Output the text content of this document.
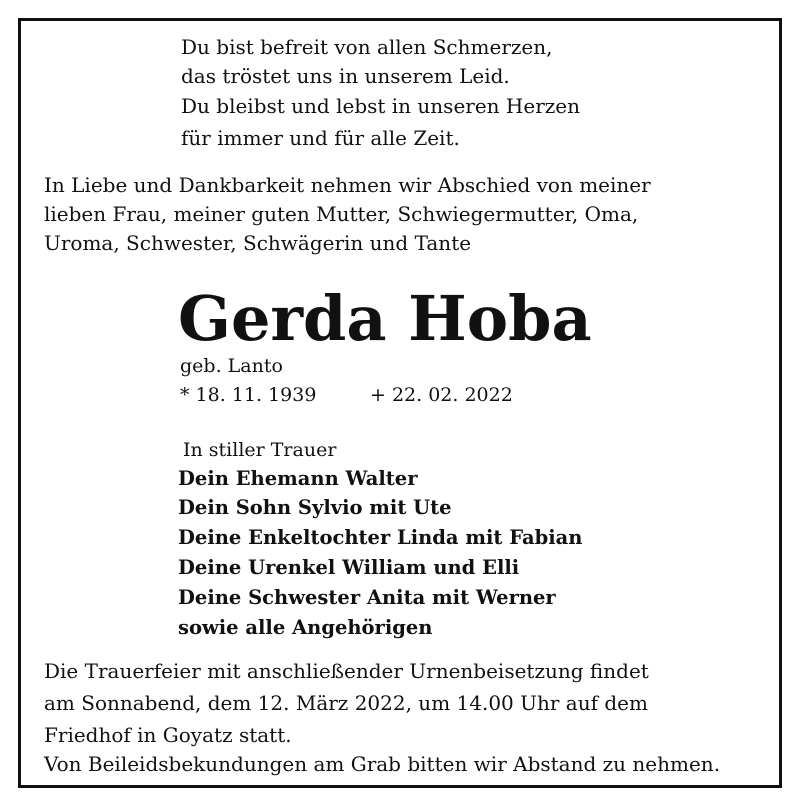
Du bist befreit von allen Schmerzen,
das tröstet uns in unserem Leid.
Du bleibst und lebst in unseren Herzen
für immer und für alle Zeit.
In Liebe und Dankbarkeit nehmen wir Abschied von meiner
lieben Frau, meiner guten Mutter, Schwiegermutter, Oma,
Uroma, Schwester, Schwägerin und Tante
Gerda Hoba
geb. Lanto
* 18. 11. 1939	+ 22. 02. 2022
In stiller Trauer
Dein Ehemann Walter
Dein Sohn Sylvio mit Ute
Deine Enkeltochter Linda mit Fabian
Deine Urenkel William und Elli
Deine Schwester Anita mit Werner
sowie alle Angehörigen
Die Trauerfeier mit anschließender Urnenbeisetzung findet
am Sonnabend, dem 12. März 2022, um 14.00 Uhr auf dem
Friedhof in Goyatz statt.
Von Beileidsbekundungen am Grab bitten wir Abstand zu nehmen.
